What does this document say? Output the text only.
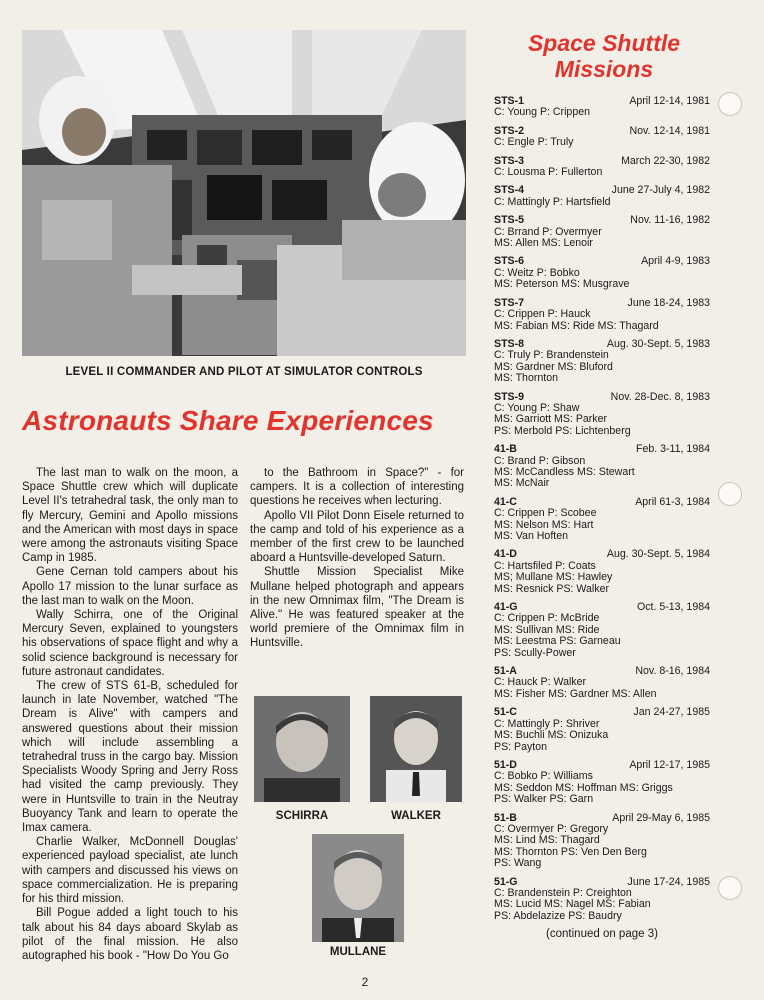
LEVEL II COMMANDER AND PILOT AT SIMULATOR CONTROLS
Astronauts Share Experiences

The last man to walk on the moon, a Space Shuttle crew which will duplicate Level II's tetrahedral task, the only man to fly Mercury, Gemini and Apollo missions and the American with most days in space were among the astronauts visiting Space Camp in 1985.

Gene Cernan told campers about his Apollo 17 mission to the lunar surface as the last man to walk on the Moon.

Wally Schirra, one of the Original Mercury Seven, explained to youngsters his observations of space flight and why a solid science background is necessary for future astronaut candidates.

The crew of STS 61-B, scheduled for launch in late November, watched "The Dream is Alive" with campers and answered questions about their mission which will include assembling a tetrahedral truss in the cargo bay. Mission Specialists Woody Spring and Jerry Ross had visited the camp previously. They were in Huntsville to train in the Neutray Buoyancy Tank and learn to operate the Imax camera.

Charlie Walker, McDonnell Douglas' experienced payload specialist, ate lunch with campers and discussed his views on space commercialization. He is preparing for his third mission.

Bill Pogue added a light touch to his talk about his 84 days aboard Skylab as pilot of the final mission. He also autographed his book - "How Do You Go

to the Bathroom in Space?" - for campers. It is a collection of interesting questions he receives when lecturing.

Apollo VII Pilot Donn Eisele returned to the camp and told of his experience as a member of the first crew to be launched aboard a Huntsville-developed Saturn.

Shuttle Mission Specialist Mike Mullane helped photograph and appears in the new Omnimax film, "The Dream is Alive." He was featured speaker at the world premiere of the Omnimax film in Huntsville.

SCHIRRA	WALKER
MULLANE
Space Shuttle
Missions
STS-1	April 12-14, 1981
C: Young P: Crippen
STS-2	Nov. 12-14, 1981
C: Engle P: Truly
STS-3	March 22-30, 1982
C: Lousma P: Fullerton
STS-4	June 27-July 4, 1982
C: Mattingly P: Hartsfield
STS-5	Nov. 11-16, 1982
C: Brrand P: Overmyer
MS: Allen MS: Lenoir
STS-6	April 4-9, 1983
C: Weitz P: Bobko
MS: Peterson MS: Musgrave
STS-7	June 18-24, 1983
C: Crippen P: Hauck
MS: Fabian MS: Ride MS: Thagard
STS-8	Aug. 30-Sept. 5, 1983
C: Truly P: Brandenstein
MS: Gardner MS: Bluford
MS: Thornton
STS-9	Nov. 28-Dec. 8, 1983
C: Young P: Shaw
MS: Garriott MS: Parker
PS: Merbold PS: Lichtenberg
41-B	Feb. 3-11, 1984
C: Brand P: Gibson
MS: McCandless MS: Stewart
MS: McNair
41-C	April 61-3, 1984
C: Crippen P: Scobee
MS: Nelson MS: Hart
MS: Van Hoften
41-D	Aug. 30-Sept. 5, 1984
C: Hartsfiled P: Coats
MS; Mullane MS: Hawley
MS: Resnick PS: Walker
41-G	Oct. 5-13, 1984
C: Crippen P: McBride
MS: Sullivan MS: Ride
MS: Leestma PS: Garneau
PS: Scully-Power
51-A	Nov. 8-16, 1984
C: Hauck P: Walker
MS: Fisher MS: Gardner MS: Allen
51-C	Jan 24-27, 1985
C: Mattingly P: Shriver
MS: Buchli MS: Onizuka
PS: Payton
51-D	April 12-17, 1985
C: Bobko P: Williams
MS: Seddon MS: Hoffman MS: Griggs
PS: Walker PS: Garn
51-B	April 29-May 6, 1985
C: Overmyer P: Gregory
MS: Lind MS: Thagard
MS: Thornton PS: Ven Den Berg
PS: Wang
51-G	June 17-24, 1985
C: Brandenstein P: Creighton
MS: Lucid MS: Nagel MS: Fabian
PS: Abdelazize PS: Baudry
(continued on page 3)
2
